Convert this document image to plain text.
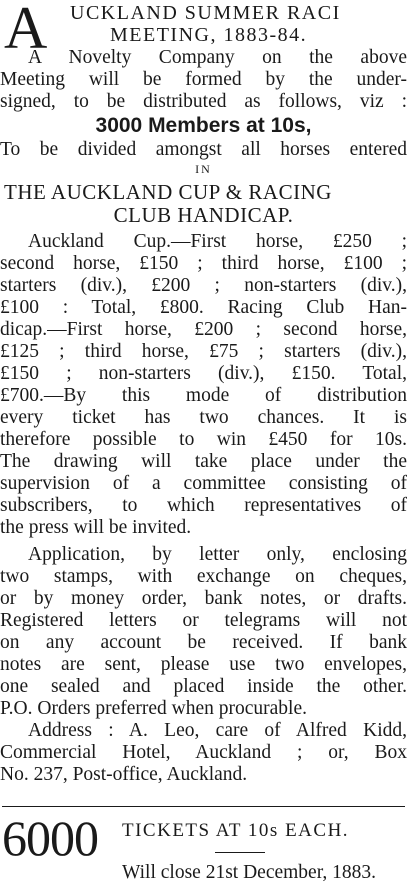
A UCKLAND SUMMER RACI
MEETING, 1883-84.
A Novelty Company on the above
Meeting will be formed by the under-
signed, to be distributed as follows, viz :
3000 Members at 10s,
To be divided amongst all horses entered
IN
THE AUCKLAND CUP & RACING
CLUB HANDICAP.
Auckland Cup.—First horse, £250 ;
second horse, £150 ; third horse, £100 ;
starters (div.), £200 ; non-starters (div.),
£100 : Total, £800. Racing Club Han-
dicap.—First horse, £200 ; second horse,
£125 ; third horse, £75 ; starters (div.),
£150 ; non-starters (div.), £150. Total,
£700.—By this mode of distribution
every ticket has two chances. It is
therefore possible to win £450 for 10s.
The drawing will take place under the
supervision of a committee consisting of
subscribers, to which representatives of
the press will be invited.
Application, by letter only, enclosing
two stamps, with exchange on cheques,
or by money order, bank notes, or drafts.
Registered letters or telegrams will not
on any account be received. If bank
notes are sent, please use two envelopes,
one sealed and placed inside the other.
P.O. Orders preferred when procurable.
Address : A. Leo, care of Alfred Kidd,
Commercial Hotel, Auckland ; or, Box
No. 237, Post-office, Auckland.
6000 TICKETS AT 10s EACH.
Will close 21st December, 1883.
